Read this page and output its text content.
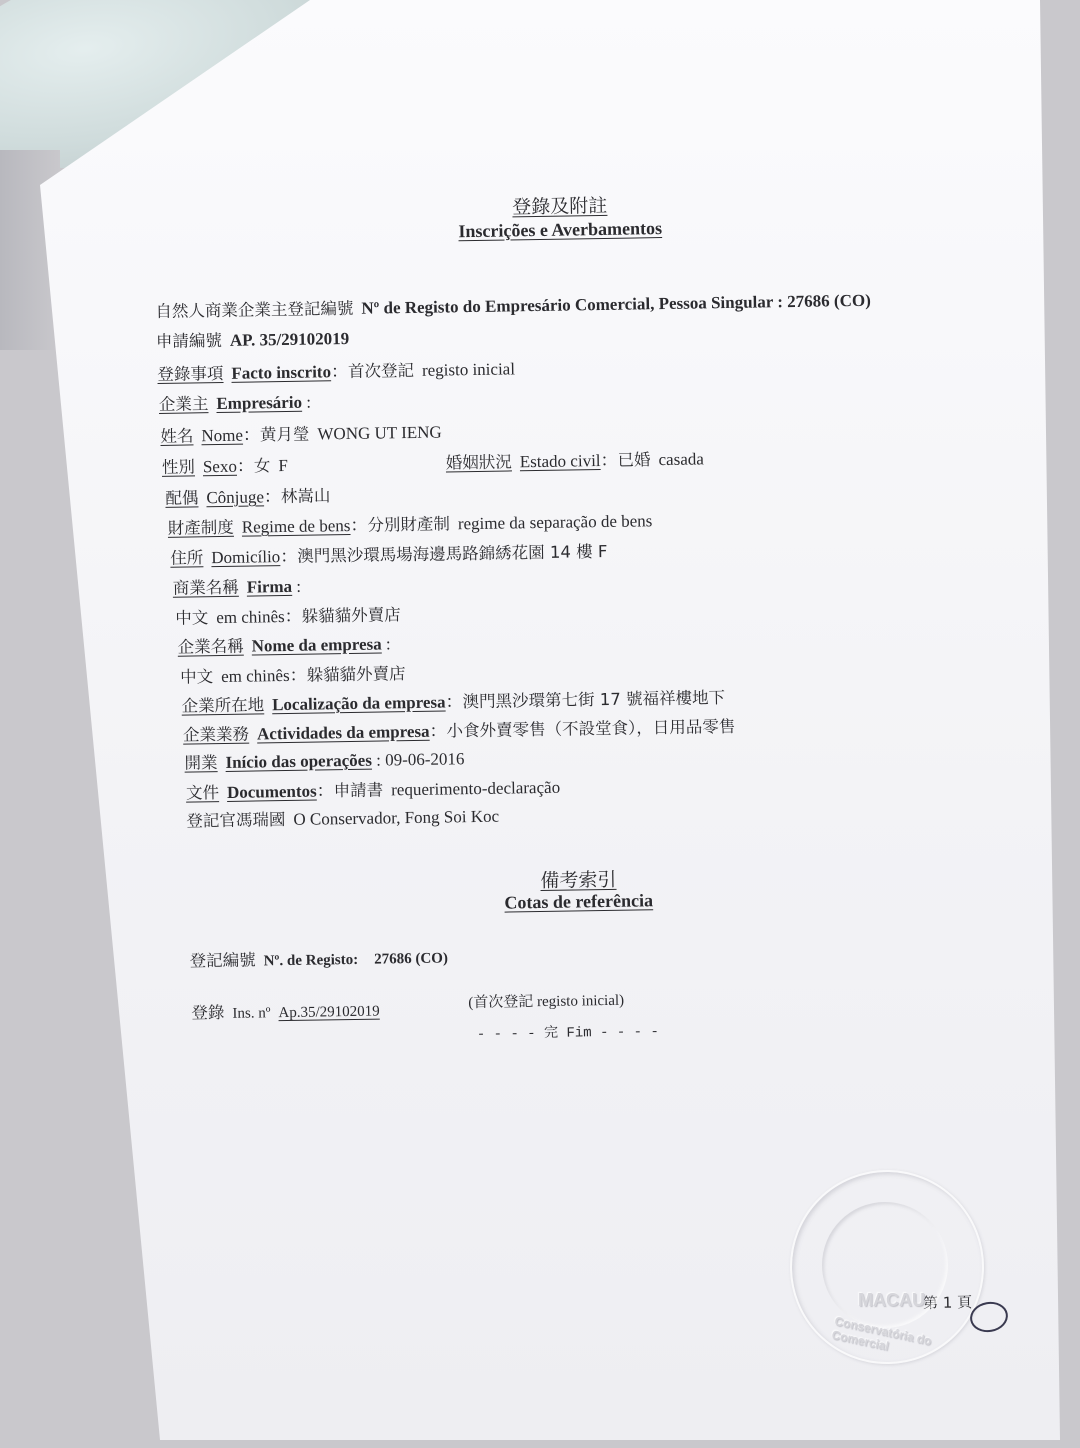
登錄及附註
Inscrições e Averbamentos
自然人商業企業主登記編號 Nº de Registo do Empresário Comercial, Pessoa Singular : 27686 (CO)
申請編號 AP. 35/29102019
登錄事項 Facto inscrito：首次登記 registo inicial
企業主 Empresário :
姓名 Nome：黄月瑩 WONG UT IENG
性別 Sexo：女 F	婚姻狀況 Estado civil：已婚 casada
配偶 Cônjuge：林嵩山
財產制度 Regime de bens：分別財產制 regime da separação de bens
住所 Domicílio：澳門黑沙環馬場海邊馬路錦綉花園 14 樓 F
商業名稱 Firma :
中文 em chinês：躲貓貓外賣店
企業名稱 Nome da empresa :
中文 em chinês：躲貓貓外賣店
企業所在地 Localização da empresa：澳門黑沙環第七街 17 號福祥樓地下
企業業務 Actividades da empresa：小食外賣零售（不設堂食），日用品零售
開業 Início das operações : 09-06-2016
文件 Documentos：申請書 requerimento-declaração
登記官馮瑞國 O Conservador, Fong Soi Koc
備考索引
Cotas de referência
登記編號 Nº. de Registo: 27686 (CO)
登錄 Ins. nº Ap.35/29102019
(首次登記 registo inicial)
- - - - 完 Fim - - - -
第 1 頁
MACAU
Conservatória do Comercial
